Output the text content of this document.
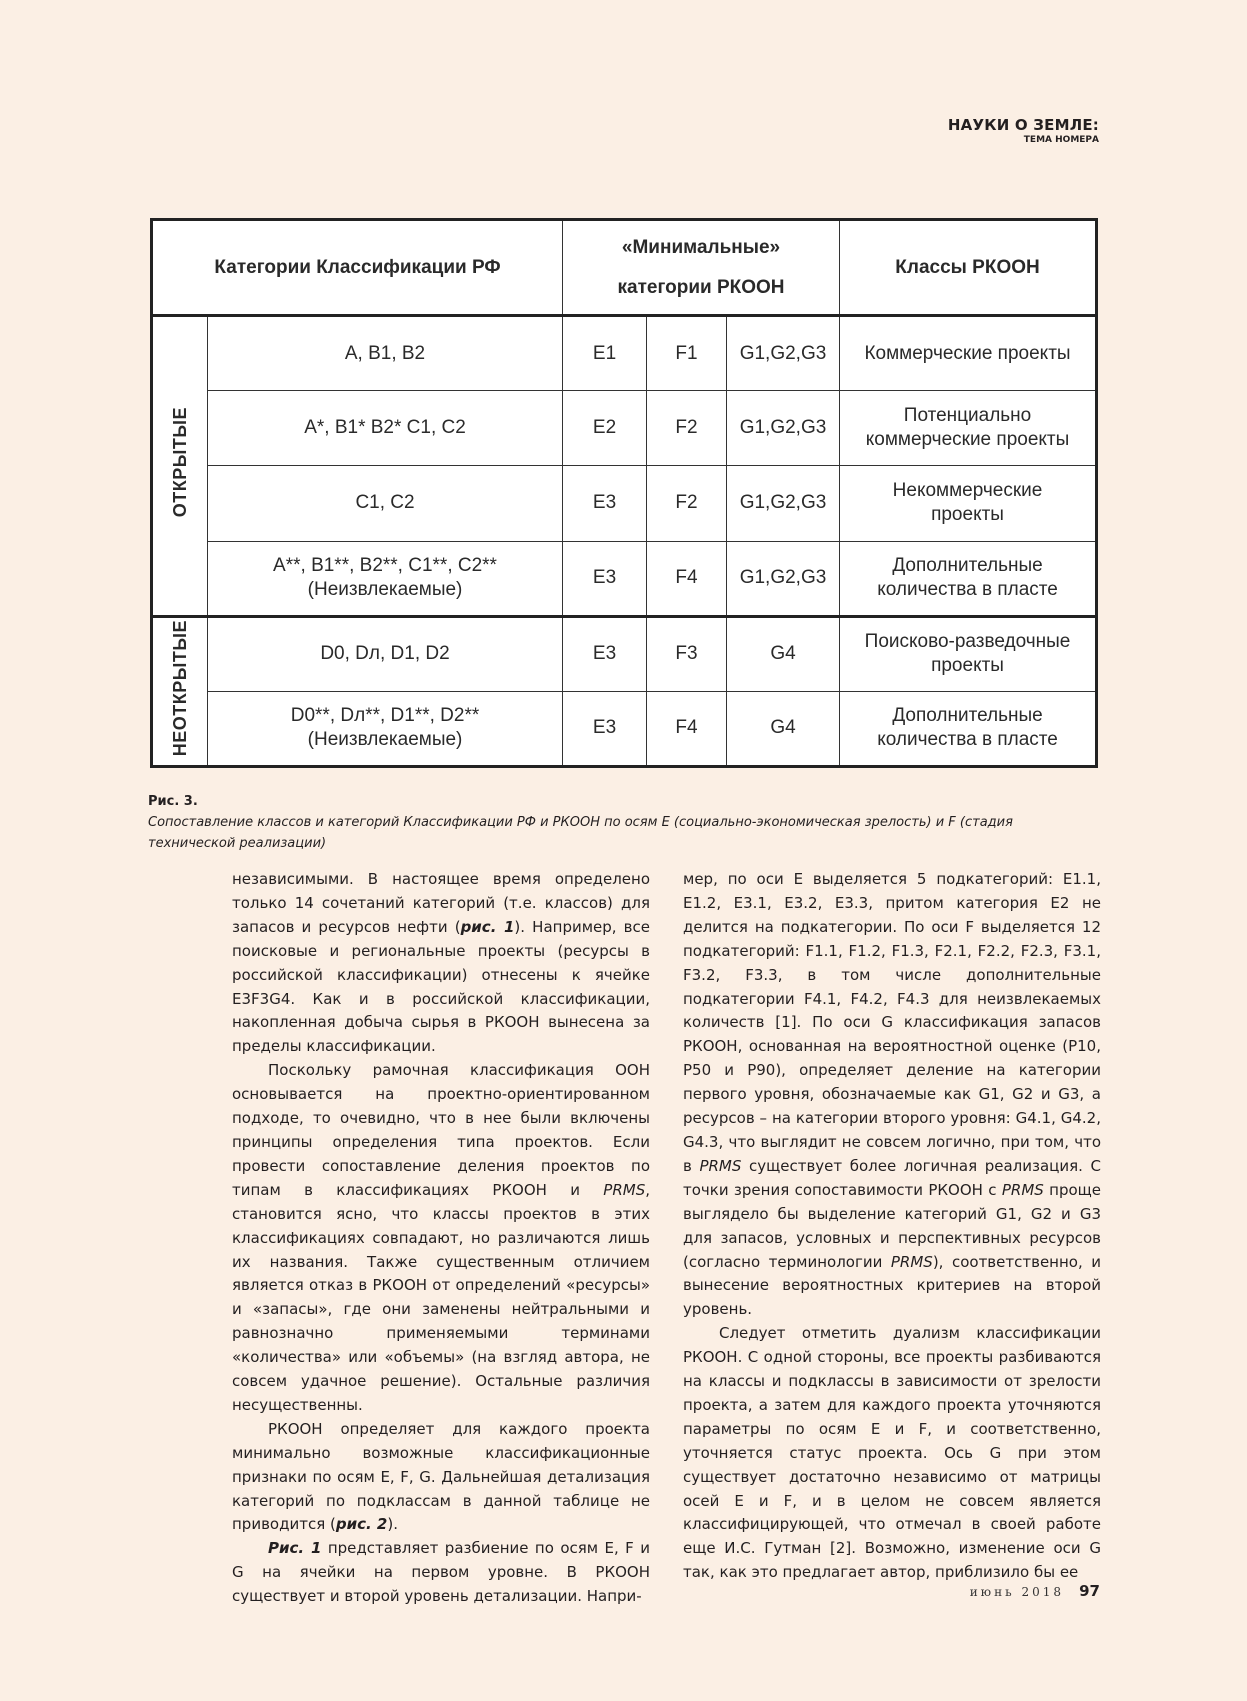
НАУКИ О ЗЕМЛЕ:
ТЕМА НОМЕРА
Категории Классификации РФ		«Минимальные»
категории РКООН			Классы РКООН
ОТКРЫТЫЕ	A, B1, B2	E1	F1	G1,G2,G3	Коммерческие проекты
	A*, B1* B2* C1, C2	E2	F2	G1,G2,G3	Потенциально
коммерческие проекты

	C1, C2	E3	F2	G1,G2,G3	Некоммерческие
проекты

	A**, B1**, B2**, C1**, C2**
(Неизвлекаемые)	E3	F4	G1,G2,G3	Дополнительные
количества в пласте

НЕОТКРЫТЫЕ	D0, Dл, D1, D2	E3	F3	G4	Поисково-разведочные
проекты

	D0**, Dл**, D1**, D2**
(Неизвлекаемые)	E3	F4	G4	Дополнительные
количества в пласте
Рис. 3.
Сопоставление классов и категорий Классификации РФ и РКООН по осям E (социально-экономическая зрелость) и F (стадия технической реализации)

независимыми. В настоящее время определено только 14 сочетаний категорий (т.е. классов) для запасов и ресурсов нефти (рис. 1). Например, все поисковые и региональные проекты (ресурсы в российской классификации) отнесены к ячейке E3F3G4. Как и в российской классификации, накопленная добыча сырья в РКООН вынесена за пределы классификации.

Поскольку рамочная классификация ООН основывается на проектно-ориентированном подходе, то очевидно, что в нее были включены принципы определения типа проектов. Если провести сопоставление деления проектов по типам в классификациях РКООН и PRMS, становится ясно, что классы проектов в этих классификациях совпадают, но различаются лишь их названия. Также существенным отличием является отказ в РКООН от определений «ресурсы» и «запасы», где они заменены нейтральными и равнозначно применяемыми терминами «количества» или «объемы» (на взгляд автора, не совсем удачное решение). Остальные различия несущественны.

РКООН определяет для каждого проекта минимально возможные классификационные признаки по осям E, F, G. Дальнейшая детализация категорий по подклассам в данной таблице не приводится (рис. 2).

Рис. 1 представляет разбиение по осям E, F и G на ячейки на первом уровне. В РКООН существует и второй уровень детализации. Напри-

мер, по оси E выделяется 5 подкатегорий: E1.1, E1.2, E3.1, E3.2, E3.3, притом категория E2 не делится на подкатегории. По оси F выделяется 12 подкатегорий: F1.1, F1.2, F1.3, F2.1, F2.2, F2.3, F3.1, F3.2, F3.3, в том числе дополнительные подкатегории F4.1, F4.2, F4.3 для неизвлекаемых количеств [1]. По оси G классификация запасов РКООН, основанная на вероятностной оценке (P10, P50 и P90), определяет деление на категории первого уровня, обозначаемые как G1, G2 и G3, а ресурсов – на категории второго уровня: G4.1, G4.2, G4.3, что выглядит не совсем логично, при том, что в PRMS существует более логичная реализация. С точки зрения сопоставимости РКООН с PRMS проще выглядело бы выделение категорий G1, G2 и G3 для запасов, условных и перспективных ресурсов (согласно терминологии PRMS), соответственно, и вынесение вероятностных критериев на второй уровень.

Следует отметить дуализм классификации РКООН. С одной стороны, все проекты разбиваются на классы и подклассы в зависимости от зрелости проекта, а затем для каждого проекта уточняются параметры по осям E и F, и соответственно, уточняется статус проекта. Ось G при этом существует достаточно независимо от матрицы осей E и F, и в целом не совсем является классифицирующей, что отмечал в своей работе еще И.С. Гутман [2]. Возможно, изменение оси G так, как это предлагает автор, приблизило бы ее

июнь 2018 97
